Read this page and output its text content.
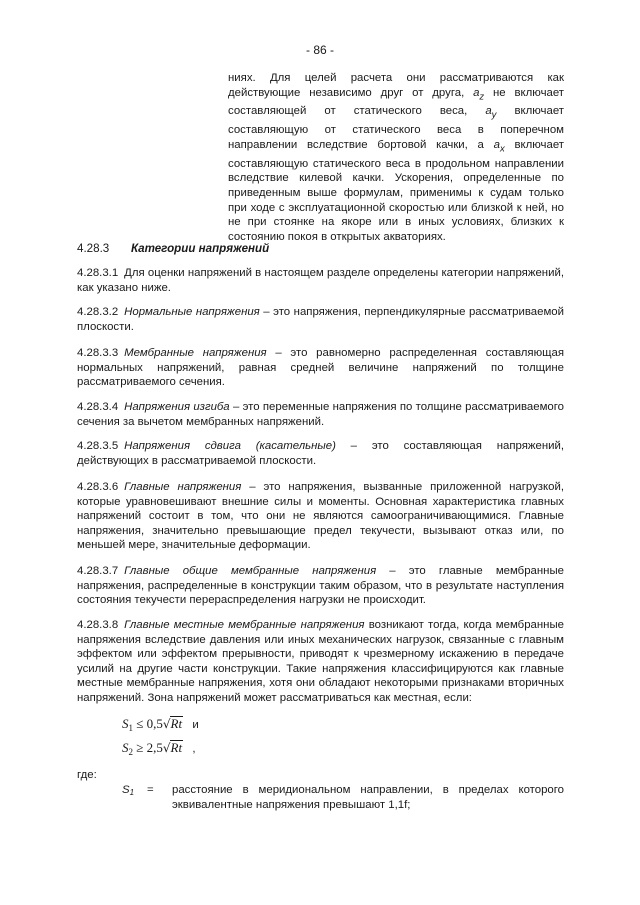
- 86 -
ниях. Для целей расчета они рассматриваются как действующие независимо друг от друга, $a_z$ не включает составляющей от статического веса, $a_y$ включает составляющую от статического веса в поперечном направлении вследствие бортовой качки, а $a_x$ включает составляющую статического веса в продольном направлении вследствие килевой качки. Ускорения, определенные по приведенным выше формулам, применимы к судам только при ходе с эксплуатационной скоростью или близкой к ней, но не при стоянке на якоре или в иных условиях, близких к состоянию покоя в открытых акваториях.
4.28.3 Категории напряжений
4.28.3.1 Для оценки напряжений в настоящем разделе определены категории напряжений, как указано ниже.
4.28.3.2 Нормальные напряжения – это напряжения, перпендикулярные рассматриваемой плоскости.
4.28.3.3 Мембранные напряжения – это равномерно распределенная составляющая нормальных напряжений, равная средней величине напряжений по толщине рассматриваемого сечения.
4.28.3.4 Напряжения изгиба – это переменные напряжения по толщине рассматриваемого сечения за вычетом мембранных напряжений.
4.28.3.5 Напряжения сдвига (касательные) – это составляющая напряжений, действующих в рассматриваемой плоскости.
4.28.3.6 Главные напряжения – это напряжения, вызванные приложенной нагрузкой, которые уравновешивают внешние силы и моменты. Основная характеристика главных напряжений состоит в том, что они не являются самоограничивающимися. Главные напряжения, значительно превышающие предел текучести, вызывают отказ или, по меньшей мере, значительные деформации.
4.28.3.7 Главные общие мембранные напряжения – это главные мембранные напряжения, распределенные в конструкции таким образом, что в результате наступления состояния текучести перераспределения нагрузки не происходит.
4.28.3.8 Главные местные мембранные напряжения возникают тогда, когда мембранные напряжения вследствие давления или иных механических нагрузок, связанные с главным эффектом или эффектом прерывности, приводят к чрезмерному искажению в передаче усилий на другие части конструкции. Такие напряжения классифицируются как главные местные мембранные напряжения, хотя они обладают некоторыми признаками вторичных напряжений. Зона напряжений может рассматриваться как местная, если:
$S_1 \le 0,5√Rt$ и
$S_2 \ge 2,5√Rt$ ,
где:
$S_1$ = расстояние в меридиональном направлении, в пределах которого эквивалентные напряжения превышают 1,1f;
